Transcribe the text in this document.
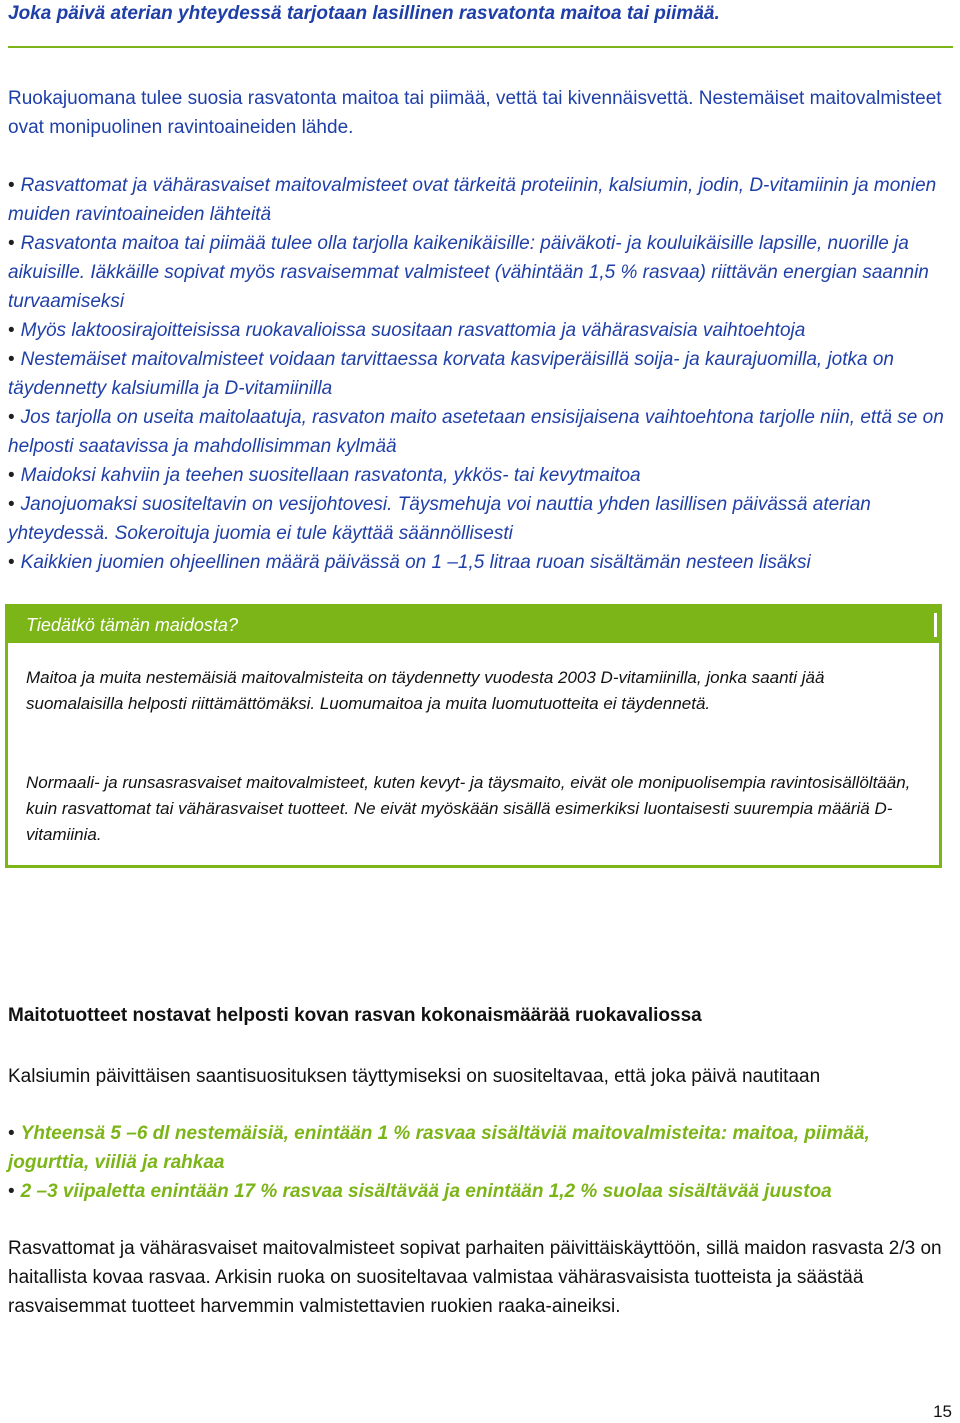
Joka päivä aterian yhteydessä tarjotaan lasillinen rasvatonta maitoa tai piimää.
Ruokajuomana tulee suosia rasvatonta maitoa tai piimää, vettä tai kivennäisvettä. Nestemäiset maitovalmisteet ovat monipuolinen ravintoaineiden lähde.
• Rasvattomat ja vähärasvaiset maitovalmisteet ovat tärkeitä proteiinin, kalsiumin, jodin, D-vitamiinin ja monien muiden ravintoaineiden lähteitä
• Rasvatonta maitoa tai piimää tulee olla tarjolla kaikenikäisille: päiväkoti- ja kouluikäisille lapsille, nuorille ja aikuisille. Iäkkäille sopivat myös rasvaisemmat valmisteet (vähintään 1,5 % rasvaa) riittävän energian saannin turvaamiseksi
• Myös laktoosirajoitteisissa ruokavalioissa suositaan rasvattomia ja vähärasvaisia vaihtoehtoja
• Nestemäiset maitovalmisteet voidaan tarvittaessa korvata kasviperäisillä soija- ja kaurajuomilla, jotka on täydennetty kalsiumilla ja D-vitamiinilla
• Jos tarjolla on useita maitolaatuja, rasvaton maito asetetaan ensisijaisena vaihtoehtona tarjolle niin, että se on helposti saatavissa ja mahdollisimman kylmää
• Maidoksi kahviin ja teehen suositellaan rasvatonta, ykkös- tai kevytmaitoa
• Janojuomaksi suositeltavin on vesijohtovesi. Täysmehuja voi nauttia yhden lasillisen päivässä aterian yhteydessä. Sokeroituja juomia ei tule käyttää säännöllisesti
• Kaikkien juomien ohjeellinen määrä päivässä on 1 –1,5 litraa ruoan sisältämän nesteen lisäksi
Tiedätkö tämän maidosta?
Maitoa ja muita nestemäisiä maitovalmisteita on täydennetty vuodesta 2003 D-vitamiinilla, jonka saanti jää suomalaisilla helposti riittämättömäksi. Luomumaitoa ja muita luomutuotteita ei täydennetä.
Normaali- ja runsasrasvaiset maitovalmisteet, kuten kevyt- ja täysmaito, eivät ole monipuolisempia ravintosisällöltään, kuin rasvattomat tai vähärasvaiset tuotteet. Ne eivät myöskään sisällä esimerkiksi luontaisesti suurempia määriä D-vitamiinia.
Maitotuotteet nostavat helposti kovan rasvan kokonaismäärää ruokavaliossa
Kalsiumin päivittäisen saantisuosituksen täyttymiseksi on suositeltavaa, että joka päivä nautitaan
• Yhteensä 5 –6 dl nestemäisiä, enintään 1 % rasvaa sisältäviä maitovalmisteita: maitoa, piimää, jogurttia, viiliä ja rahkaa
• 2 –3 viipaletta enintään 17 % rasvaa sisältävää ja enintään 1,2 % suolaa sisältävää juustoa
Rasvattomat ja vähärasvaiset maitovalmisteet sopivat parhaiten päivittäiskäyttöön, sillä maidon rasvasta 2/3 on haitallista kovaa rasvaa. Arkisin ruoka on suositeltavaa valmistaa vähärasvaisista tuotteista ja säästää rasvaisemmat tuotteet harvemmin valmistettavien ruokien raaka-aineiksi.
15
